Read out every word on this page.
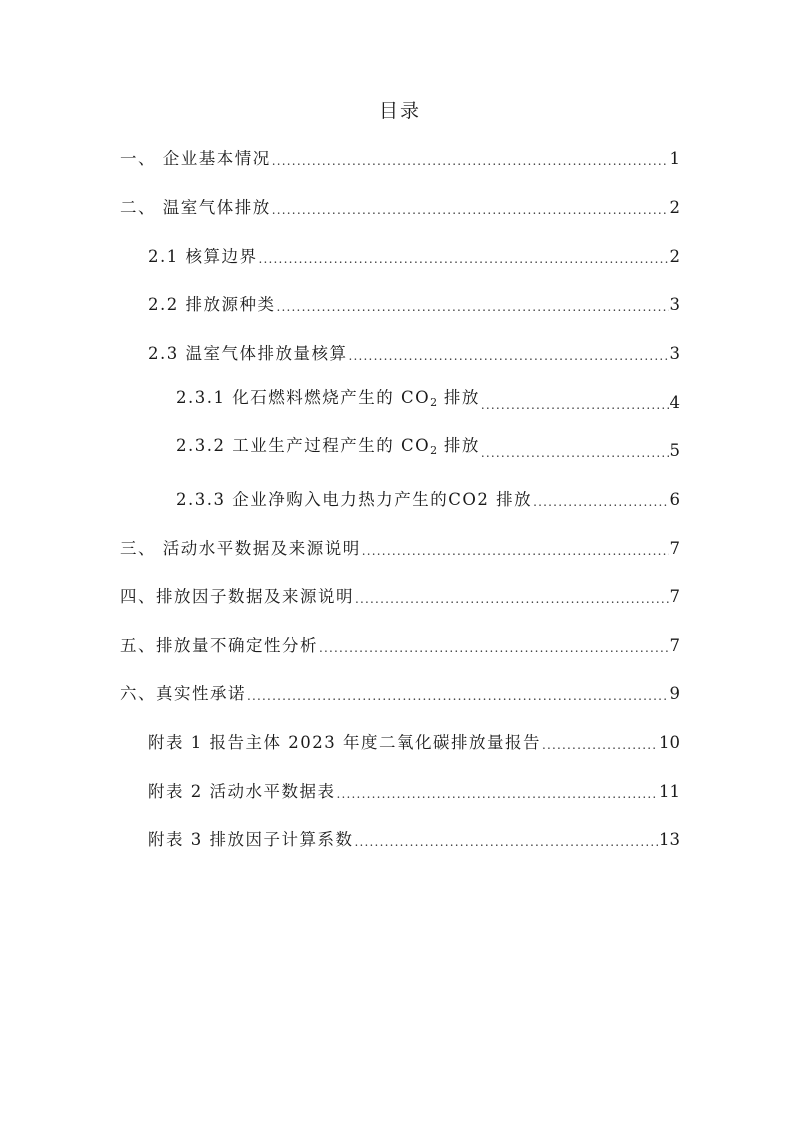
目录
一、 企业基本情况 .....	1
二、 温室气体排放 .....	2
2.1 核算边界 .....	2
2.2 排放源种类 .....	3
2.3 温室气体排放量核算 .....	3
2.3.1 化石燃料燃烧产生的 $CO_2$ 排放 .....	4
2.3.2 工业生产过程产生的 $CO_2$ 排放 .....	5
2.3.3 企业净购入电力热力产生的CO2 排放 .....	6
三、 活动水平数据及来源说明 .....	7
四、排放因子数据及来源说明 .....	7
五、排放量不确定性分析 .....	7
六、真实性承诺 .....	9
附表 1 报告主体 2023 年度二氧化碳排放量报告 .....	10
附表 2 活动水平数据表 .....	11
附表 3 排放因子计算系数 .....	13
